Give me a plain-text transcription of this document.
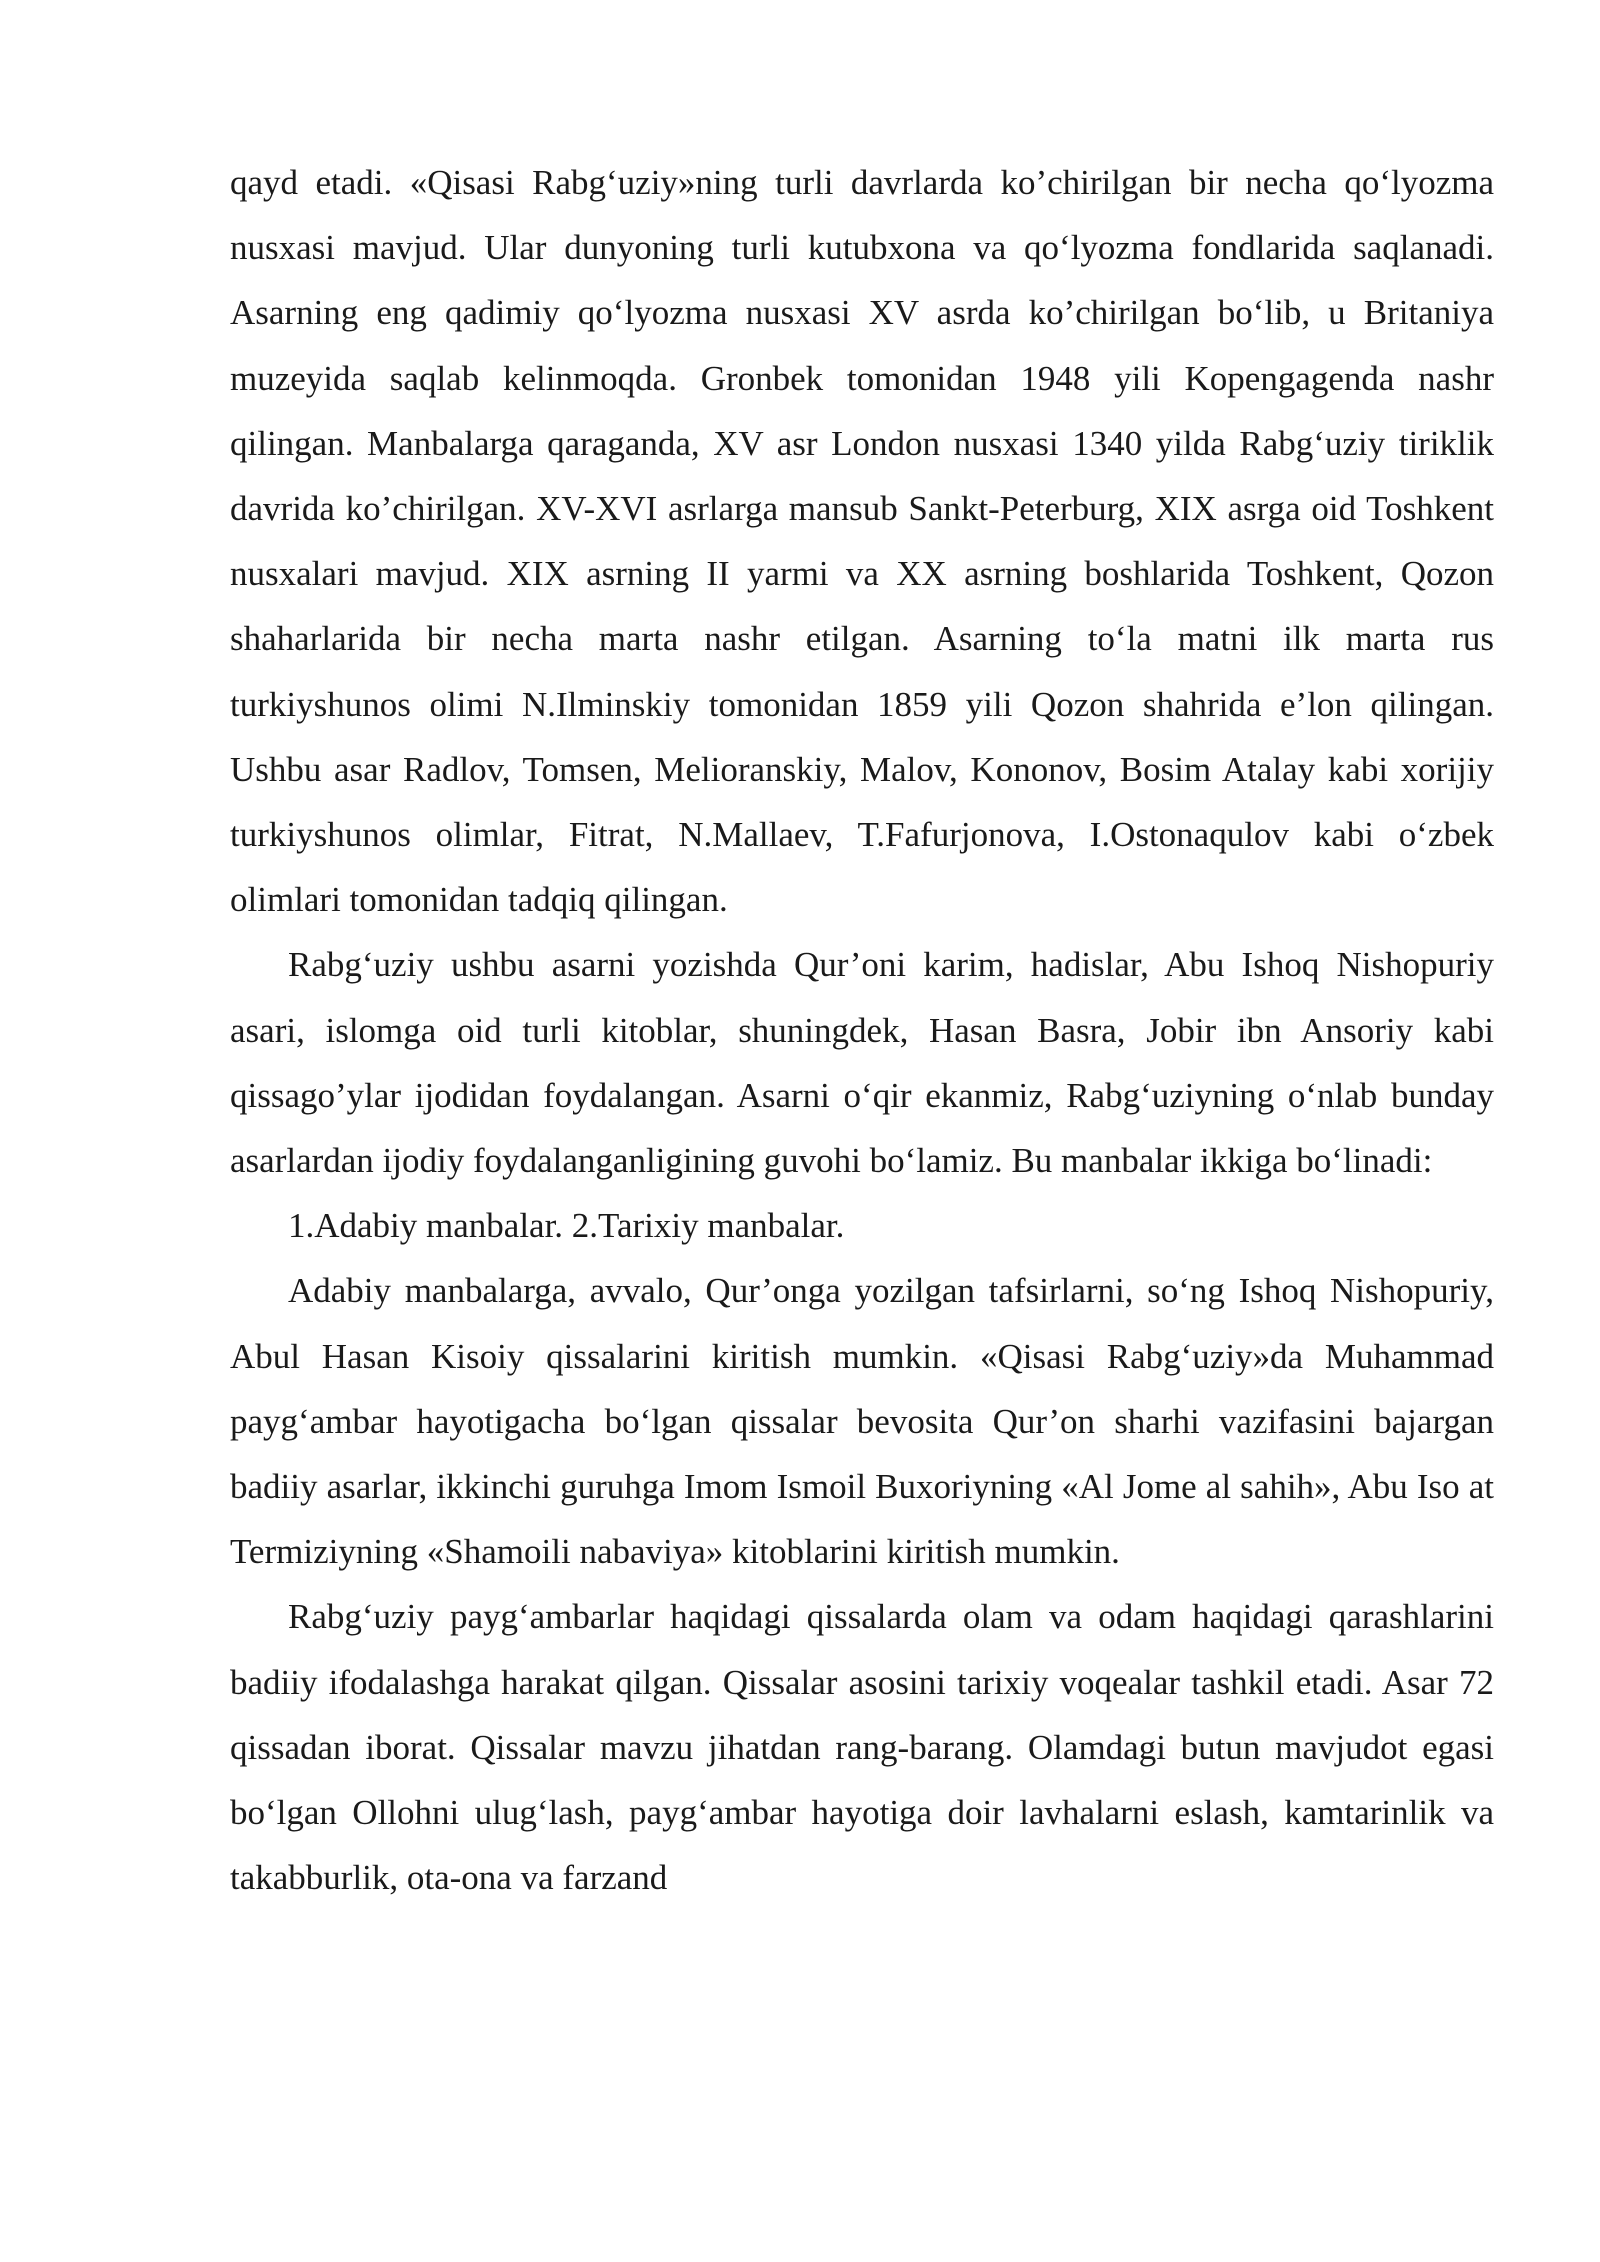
qayd etadi. «Qisasi Rabg‘uziy»ning turli davrlarda ko’chirilgan bir necha qo‘lyozma nusxasi mavjud. Ular dunyoning turli kutubxona va qo‘lyozma fondlarida saqlanadi. Asarning eng qadimiy qo‘lyozma nusxasi XV asrda ko’chirilgan bo‘lib, u Britaniya muzeyida saqlab kelinmoqda. Gronbek tomonidan 1948 yili Kopengagenda nashr qilingan. Manbalarga qaraganda, XV asr London nusxasi 1340 yilda Rabg‘uziy tiriklik davrida ko’chirilgan. XV-XVI asrlarga mansub Sankt-Peterburg, XIX asrga oid Toshkent nusxalari mavjud. XIX asrning II yarmi va XX asrning boshlarida Toshkent, Qozon shaharlarida bir necha marta nashr etilgan. Asarning to‘la matni ilk marta rus turkiyshunos olimi N.Ilminskiy tomonidan 1859 yili Qozon shahrida e’lon qilingan. Ushbu asar Radlov, Tomsen, Melioranskiy, Malov, Kononov, Bosim Atalay kabi xorijiy turkiyshunos olimlar, Fitrat, N.Mallaev, T.Fafurjonova, I.Ostonaqulov kabi o‘zbek olimlari tomonidan tadqiq qilingan.

Rabg‘uziy ushbu asarni yozishda Qur’oni karim, hadislar, Abu Ishoq Nishopuriy asari, islomga oid turli kitoblar, shuningdek, Hasan Basra, Jobir ibn Ansoriy kabi qissago’ylar ijodidan foydalangan. Asarni o‘qir ekanmiz, Rabg‘uziyning o‘nlab bunday asarlardan ijodiy foydalanganligining guvohi bo‘lamiz. Bu manbalar ikkiga bo‘linadi:

1.Adabiy manbalar. 2.Tarixiy manbalar.

Adabiy manbalarga, avvalo, Qur’onga yozilgan tafsirlarni, so‘ng Ishoq Nishopuriy, Abul Hasan Kisoiy qissalarini kiritish mumkin. «Qisasi Rabg‘uziy»da Muhammad payg‘ambar hayotigacha bo‘lgan qissalar bevosita Qur’on sharhi vazifasini bajargan badiiy asarlar, ikkinchi guruhga Imom Ismoil Buxoriyning «Al Jome al sahih», Abu Iso at Termiziyning «Shamoili nabaviya» kitoblarini kiritish mumkin.

Rabg‘uziy payg‘ambarlar haqidagi qissalarda olam va odam haqidagi qarashlarini badiiy ifodalashga harakat qilgan. Qissalar asosini tarixiy voqealar tashkil etadi. Asar 72 qissadan iborat. Qissalar mavzu jihatdan rang-barang. Olamdagi butun mavjudot egasi bo‘lgan Ollohni ulug‘lash, payg‘ambar hayotiga doir lavhalarni eslash, kamtarinlik va takabburlik, ota-ona va farzand
